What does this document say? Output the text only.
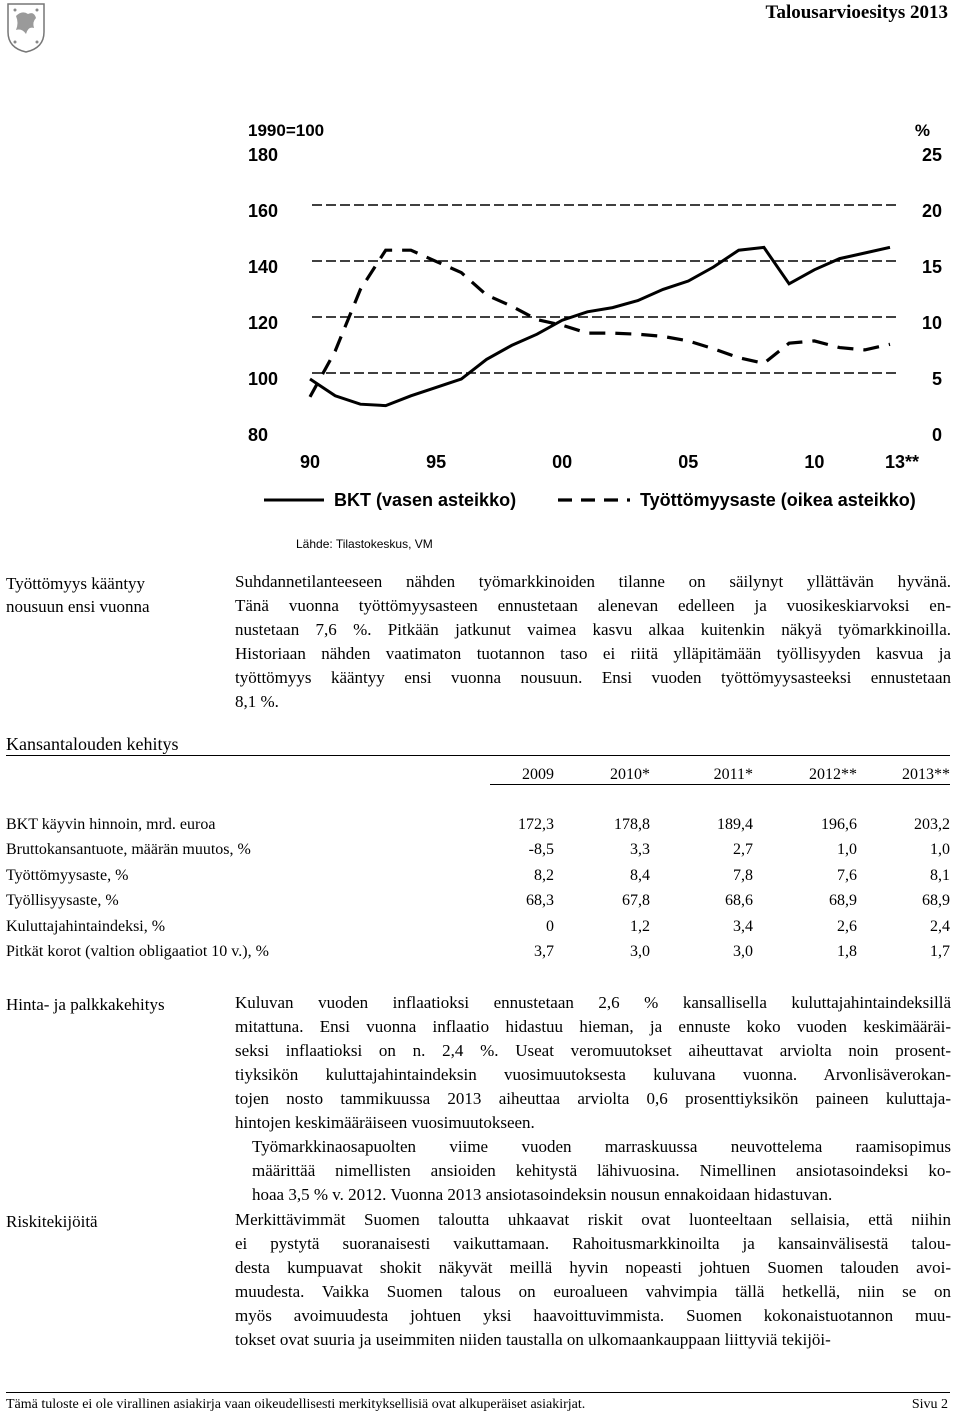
Talousarvioesitys 2013
1990=100	%
180
160
140
120
100
80
25
20
15
10
5
0
90	95	00	05	10	13**
BKT (vasen asteikko)	Työttömyysaste (oikea asteikko)
Lähde: Tilastokeskus, VM
Työttömyys kääntyy
nousuun ensi vuonna

Suhdannetilanteeseen nähden työmarkkinoiden tilanne on säilynyt yllättävän hyvänä.
Tänä vuonna työttömyysasteen ennustetaan alenevan edelleen ja vuosikeskiarvoksi en-
nustetaan 7,6 %. Pitkään jatkunut vaimea kasvu alkaa kuitenkin näkyä työmarkkinoilla.
Historiaan nähden vaatimaton tuotannon taso ei riitä ylläpitämään työllisyyden kasvua ja
työttömyys kääntyy ensi vuonna nousuun. Ensi vuoden työttömyysasteeksi ennustetaan
8,1 %.

Kansantalouden kehitys
	2009	2010*	2011*	2012**	2013**

BKT käyvin hinnoin, mrd. euroa	172,3	178,8	189,4	196,6	203,2
Bruttokansantuote, määrän muutos, %	-8,5	3,3	2,7	1,0	1,0
Työttömyysaste, %	8,2	8,4	7,8	7,6	8,1
Työllisyysaste, %	68,3	67,8	68,6	68,9	68,9
Kuluttajahintaindeksi, %	0	1,2	3,4	2,6	2,4
Pitkät korot (valtion obligaatiot 10 v.), %	3,7	3,0	3,0	1,8	1,7
Hinta- ja palkkakehitys	Kuluvan vuoden inflaatioksi ennustetaan 2,6 % kansallisella kuluttajahintaindeksillä
mitattuna. Ensi vuonna inflaatio hidastuu hieman, ja ennuste koko vuoden keskimääräi-
seksi inflaatioksi on n. 2,4 %. Useat veromuutokset aiheuttavat arviolta noin prosent-
tiyksikön kuluttajahintaindeksin vuosimuutoksesta kuluvana vuonna. Arvonlisäverokan-
tojen nosto tammikuussa 2013 aiheuttaa arviolta 0,6 prosenttiyksikön paineen kuluttaja-
hintojen keskimääräiseen vuosimuutokseen.

Työmarkkinaosapuolten viime vuoden marraskuussa neuvottelema raamisopimus
määrittää nimellisten ansioiden kehitystä lähivuosina. Nimellinen ansiotasoindeksi ko-
hoaa 3,5 % v. 2012. Vuonna 2013 ansiotasoindeksin nousun ennakoidaan hidastuvan.

Riskitekijöitä	Merkittävimmät Suomen taloutta uhkaavat riskit ovat luonteeltaan sellaisia, että niihin
ei pystytä suoranaisesti vaikuttamaan. Rahoitusmarkkinoilta ja kansainvälisestä talou-
desta kumpuavat shokit näkyvät meillä hyvin nopeasti johtuen Suomen talouden avoi-
muudesta. Vaikka Suomen talous on euroalueen vahvimpia tällä hetkellä, niin se on
myös avoimuudesta johtuen yksi haavoittuvimmista. Suomen kokonaistuotannon muu-
tokset ovat suuria ja useimmiten niiden taustalla on ulkomaankauppaan liittyviä tekijöi-

Tämä tuloste ei ole virallinen asiakirja vaan oikeudellisesti merkityksellisiä ovat alkuperäiset asiakirjat.	Sivu 2
